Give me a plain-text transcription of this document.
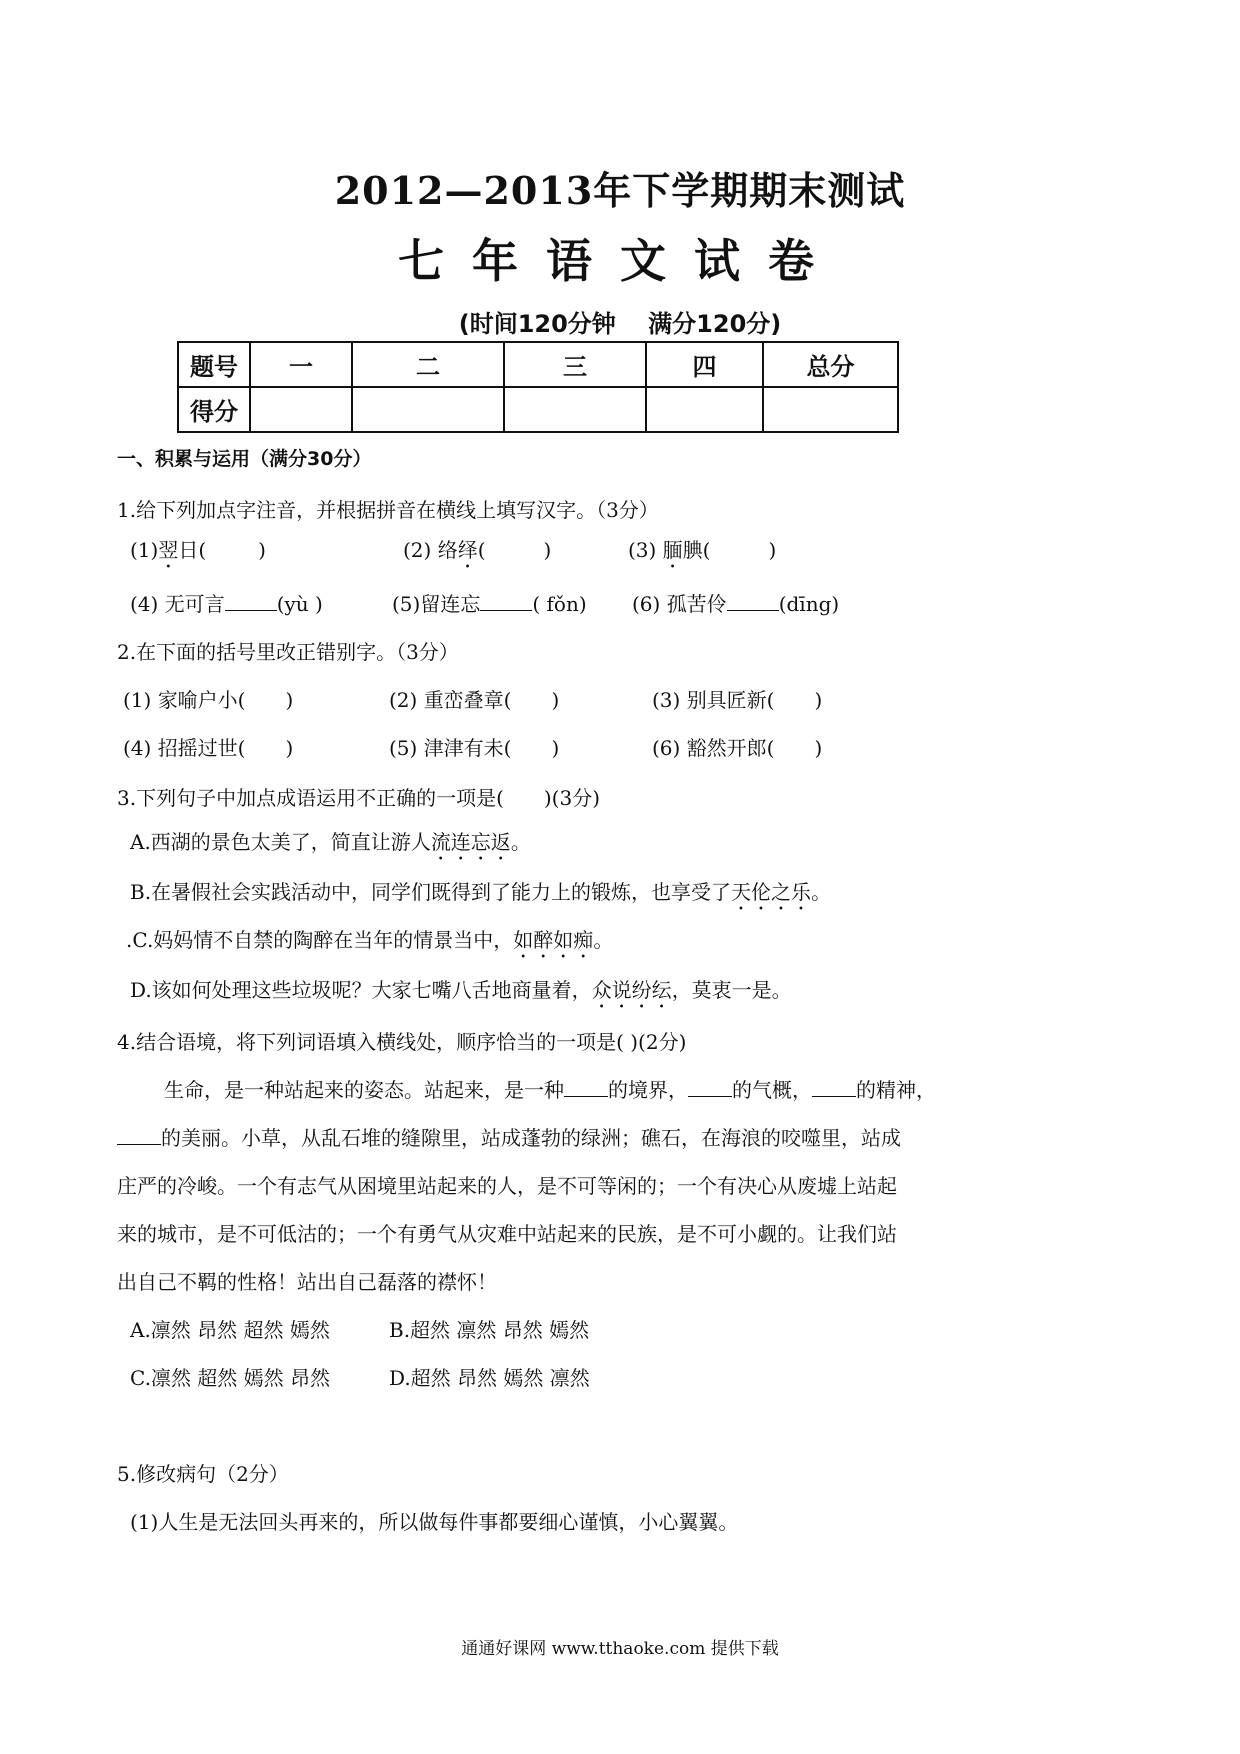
2012—2013年下学期期末测试
七年语文试卷
(时间120分钟 满分120分)
题号	一	二	三	四	总分
得分					
一、积累与运用（满分30分）
1.给下列加点字注音，并根据拼音在横线上填写汉字。（3分）
(1)翌日(	)	(2) 络绎(	)	(3) 腼腆(	)
(4) 无可言	(yù )	(5)留连忘	( fǒn) (6) 孤苦伶	(dīng)
2.在下面的括号里改正错别字。（3分）
(1) 家喻户小(　　)	(2) 重峦叠章(　　)	(3) 别具匠新(　　)
(4) 招摇过世(　　)	(5) 津津有未(　　)	(6) 豁然开郎(　　)
3.下列句子中加点成语运用不正确的一项是(　　)(3分)
A.西湖的景色太美了，简直让游人流连忘返。
B.在暑假社会实践活动中，同学们既得到了能力上的锻炼，也享受了天伦之乐。
.C.妈妈情不自禁的陶醉在当年的情景当中，如醉如痴。
D.该如何处理这些垃圾呢？大家七嘴八舌地商量着，众说纷纭，莫衷一是。
4.结合语境，将下列词语填入横线处，顺序恰当的一项是( )(2分)
生命，是一种站起来的姿态。站起来，是一种 的境界， 的气概， 的精神，
的美丽。小草，从乱石堆的缝隙里，站成蓬勃的绿洲；礁石，在海浪的咬噬里，站成
庄严的冷峻。一个有志气从困境里站起来的人，是不可等闲的；一个有决心从废墟上站起
来的城市，是不可低沽的；一个有勇气从灾难中站起来的民族，是不可小觑的。让我们站
出自己不羁的性格！站出自己磊落的襟怀！
A.凛然 昂然 超然 嫣然	B.超然 凛然 昂然 嫣然
C.凛然 超然 嫣然 昂然	D.超然 昂然 嫣然 凛然
5.修改病句（2分）
(1)人生是无法回头再来的，所以做每件事都要细心谨慎，小心翼翼。
通通好课网 www.tthaoke.com 提供下载
